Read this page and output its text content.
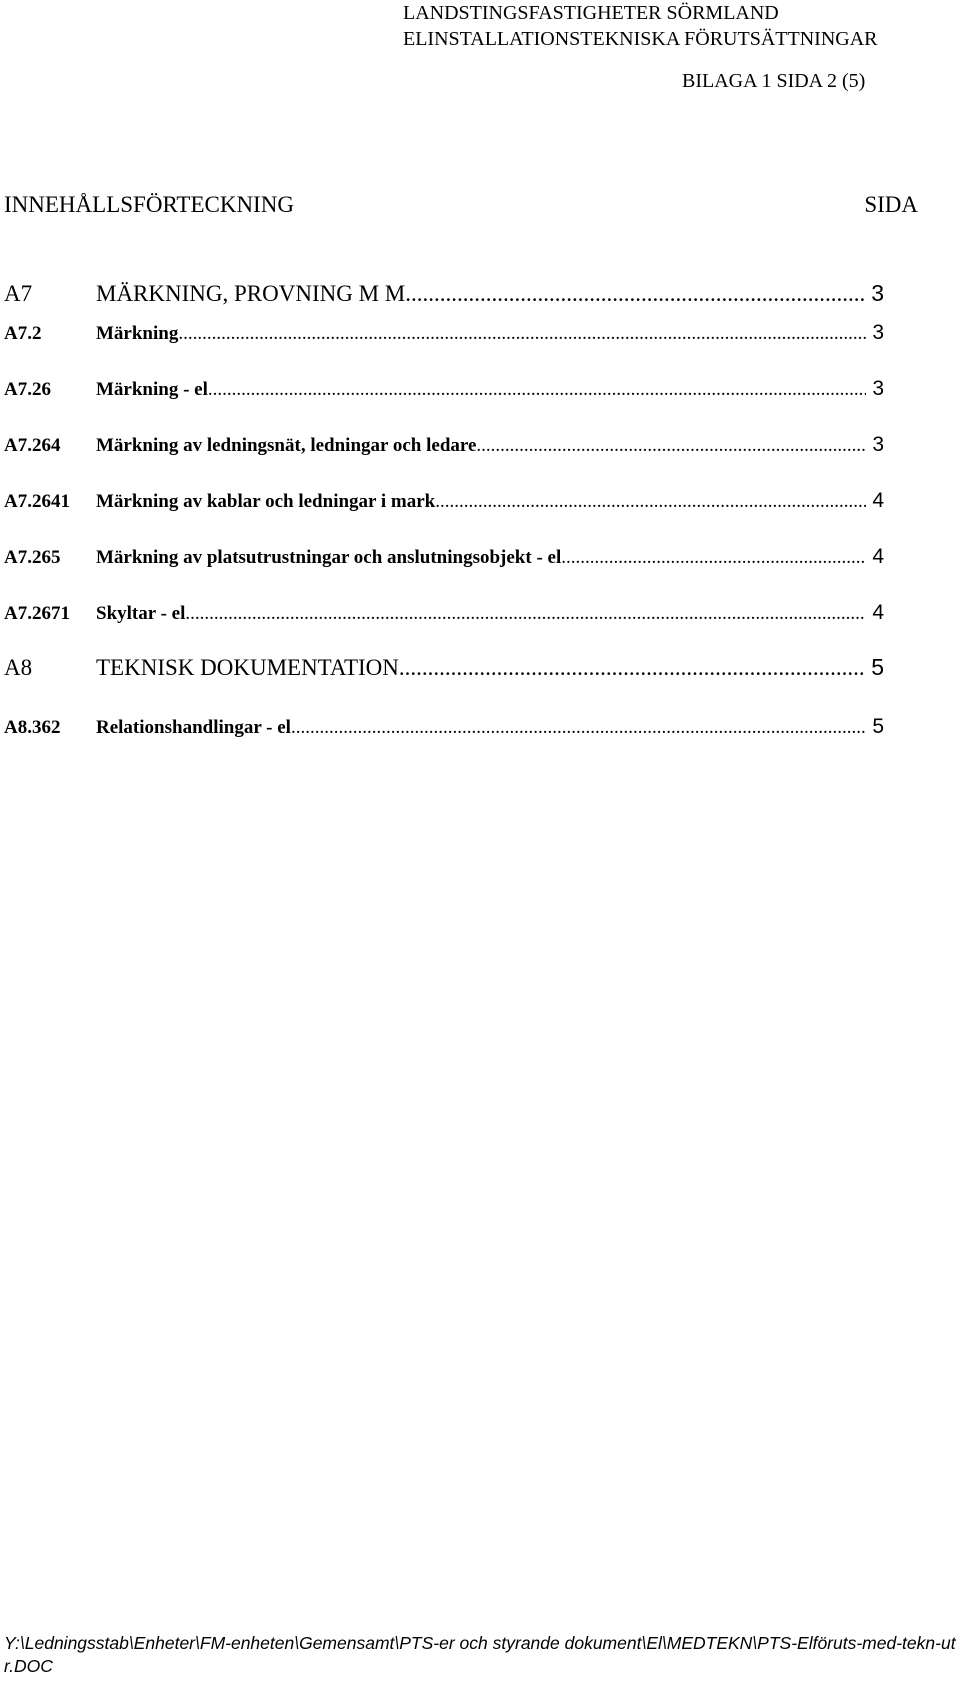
LANDSTINGSFASTIGHETER SÖRMLAND
ELINSTALLATIONSTEKNISKA FÖRUTSÄTTNINGAR
BILAGA 1 SIDA 2 (5)
INNEHÅLLSFÖRTECKNING	SIDA
A7	MÄRKNING, PROVNING M M .....	3
A7.2	Märkning .....	3
A7.26	Märkning - el .....	3
A7.264	Märkning av ledningsnät, ledningar och ledare .....	3
A7.2641	Märkning av kablar och ledningar i mark .....	4
A7.265	Märkning av platsutrustningar och anslutningsobjekt - el .....	4
A7.2671	Skyltar - el .....	4
A8	TEKNISK DOKUMENTATION .....	5
A8.362	Relationshandlingar - el .....	5
Y:\Ledningsstab\Enheter\FM-enheten\Gemensamt\PTS-er och styrande dokument\El\MEDTEKN\PTS-Elföruts-med-tekn-utr.DOC
